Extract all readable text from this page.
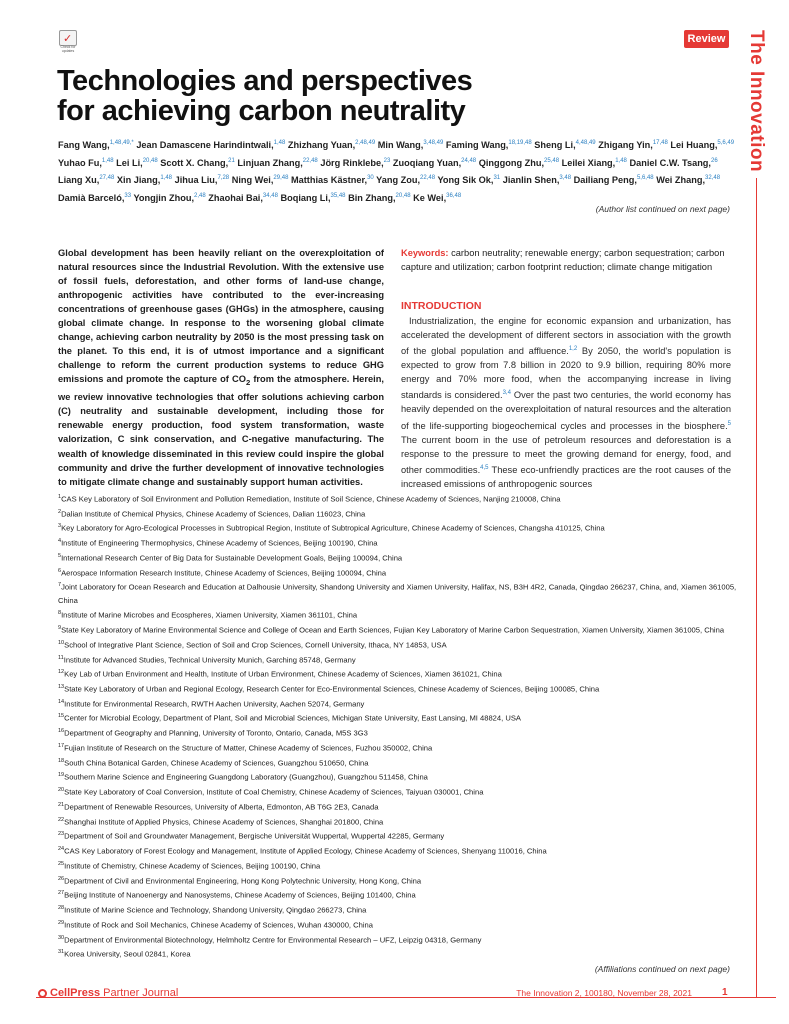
✓
Check for updates
Review The Innovation
Technologies and perspectives
for achieving carbon neutrality
Fang Wang,$^{1,48,49,*}$ Jean Damascene Harindintwali,$^{1,48}$ Zhizhang Yuan,$^{2,48,49}$ Min Wang,$^{3,48,49}$ Faming Wang,$^{18,19,48}$ Sheng Li,$^{4,48,49}$ Zhigang Yin,$^{17,48}$ Lei Huang,$^{5,6,49}$ Yuhao Fu,$^{1,48}$ Lei Li,$^{20,48}$ Scott X. Chang,$^{21}$ Linjuan Zhang,$^{22,48}$ Jörg Rinklebe,$^{23}$ Zuoqiang Yuan,$^{24,48}$ Qinggong Zhu,$^{25,48}$ Leilei Xiang,$^{1,48}$ Daniel C.W. Tsang,$^{26}$ Liang Xu,$^{27,48}$ Xin Jiang,$^{1,48}$ Jihua Liu,$^{7,28}$ Ning Wei,$^{29,48}$ Matthias Kästner,$^{30}$ Yang Zou,$^{22,48}$ Yong Sik Ok,$^{31}$ Jianlin Shen,$^{3,48}$ Dailiang Peng,$^{5,6,48}$ Wei Zhang,$^{32,48}$ Damià Barceló,$^{33}$ Yongjin Zhou,$^{2,48}$ Zhaohai Bai,$^{34,48}$ Boqiang Li,$^{35,48}$ Bin Zhang,$^{20,48}$ Ke Wei,$^{36,48}$
(Author list continued on next page)
Global development has been heavily reliant on the overexploitation of natural resources since the Industrial Revolution. With the extensive use of fossil fuels, deforestation, and other forms of land-use change, anthropogenic activities have contributed to the ever-increasing concentrations of greenhouse gases (GHGs) in the atmosphere, causing global climate change. In response to the worsening global climate change, achieving carbon neutrality by 2050 is the most pressing task on the planet. To this end, it is of utmost importance and a significant challenge to reform the current production systems to reduce GHG emissions and promote the capture of $CO_2$ from the atmosphere. Herein, we review innovative technologies that offer solutions achieving carbon (C) neutrality and sustainable development, including those for renewable energy production, food system transformation, waste valorization, C sink conservation, and C-negative manufacturing. The wealth of knowledge disseminated in this review could inspire the global community and drive the further development of innovative technologies to mitigate climate change and sustainably support human activities.
Keywords: carbon neutrality; renewable energy; carbon sequestration; carbon capture and utilization; carbon footprint reduction; climate change mitigation
INTRODUCTION
Industrialization, the engine for economic expansion and urbanization, has accelerated the development of different sectors in association with the growth of the global population and affluence.$^{1,2}$ By 2050, the world's population is expected to grow from 7.8 billion in 2020 to 9.9 billion, requiring 80% more energy and 70% more food, when the accompanying increase in living standards is considered.$^{3,4}$ Over the past two centuries, the world economy has heavily depended on the overexploitation of natural resources and the alteration of the life-supporting biogeochemical cycles and processes in the biosphere.$^5$ The current boom in the use of petroleum resources and deforestation is a response to the pressure to meet the growing demand for energy, food, and other commodities.$^{4,5}$ These eco-unfriendly practices are the root causes of the increased emissions of anthropogenic sources
$^1$CAS Key Laboratory of Soil Environment and Pollution Remediation, Institute of Soil Science, Chinese Academy of Sciences, Nanjing 210008, China
$^2$Dalian Institute of Chemical Physics, Chinese Academy of Sciences, Dalian 116023, China
$^3$Key Laboratory for Agro-Ecological Processes in Subtropical Region, Institute of Subtropical Agriculture, Chinese Academy of Sciences, Changsha 410125, China
$^4$Institute of Engineering Thermophysics, Chinese Academy of Sciences, Beijing 100190, China
$^5$International Research Center of Big Data for Sustainable Development Goals, Beijing 100094, China
$^6$Aerospace Information Research Institute, Chinese Academy of Sciences, Beijing 100094, China
$^7$Joint Laboratory for Ocean Research and Education at Dalhousie University, Shandong University and Xiamen University, Halifax, NS, B3H 4R2, Canada, Qingdao 266237, China, and, Xiamen 361005, China
$^8$Institute of Marine Microbes and Ecospheres, Xiamen University, Xiamen 361101, China
$^9$State Key Laboratory of Marine Environmental Science and College of Ocean and Earth Sciences, Fujian Key Laboratory of Marine Carbon Sequestration, Xiamen University, Xiamen 361005, China
$^{10}$School of Integrative Plant Science, Section of Soil and Crop Sciences, Cornell University, Ithaca, NY 14853, USA
$^{11}$Institute for Advanced Studies, Technical University Munich, Garching 85748, Germany
$^{12}$Key Lab of Urban Environment and Health, Institute of Urban Environment, Chinese Academy of Sciences, Xiamen 361021, China
$^{13}$State Key Laboratory of Urban and Regional Ecology, Research Center for Eco-Environmental Sciences, Chinese Academy of Sciences, Beijing 100085, China
$^{14}$Institute for Environmental Research, RWTH Aachen University, Aachen 52074, Germany
$^{15}$Center for Microbial Ecology, Department of Plant, Soil and Microbial Sciences, Michigan State University, East Lansing, MI 48824, USA
$^{16}$Department of Geography and Planning, University of Toronto, Ontario, Canada, M5S 3G3
$^{17}$Fujian Institute of Research on the Structure of Matter, Chinese Academy of Sciences, Fuzhou 350002, China
$^{18}$South China Botanical Garden, Chinese Academy of Sciences, Guangzhou 510650, China
$^{19}$Southern Marine Science and Engineering Guangdong Laboratory (Guangzhou), Guangzhou 511458, China
$^{20}$State Key Laboratory of Coal Conversion, Institute of Coal Chemistry, Chinese Academy of Sciences, Taiyuan 030001, China
$^{21}$Department of Renewable Resources, University of Alberta, Edmonton, AB T6G 2E3, Canada
$^{22}$Shanghai Institute of Applied Physics, Chinese Academy of Sciences, Shanghai 201800, China
$^{23}$Department of Soil and Groundwater Management, Bergische Universität Wuppertal, Wuppertal 42285, Germany
$^{24}$CAS Key Laboratory of Forest Ecology and Management, Institute of Applied Ecology, Chinese Academy of Sciences, Shenyang 110016, China
$^{25}$Institute of Chemistry, Chinese Academy of Sciences, Beijing 100190, China
$^{26}$Department of Civil and Environmental Engineering, Hong Kong Polytechnic University, Hong Kong, China
$^{27}$Beijing Institute of Nanoenergy and Nanosystems, Chinese Academy of Sciences, Beijing 101400, China
$^{28}$Institute of Marine Science and Technology, Shandong University, Qingdao 266273, China
$^{29}$Institute of Rock and Soil Mechanics, Chinese Academy of Sciences, Wuhan 430000, China
$^{30}$Department of Environmental Biotechnology, Helmholtz Centre for Environmental Research – UFZ, Leipzig 04318, Germany
$^{31}$Korea University, Seoul 02841, Korea
(Affiliations continued on next page)
CellPress Partner Journal	The Innovation 2, 100180, November 28, 2021	1
